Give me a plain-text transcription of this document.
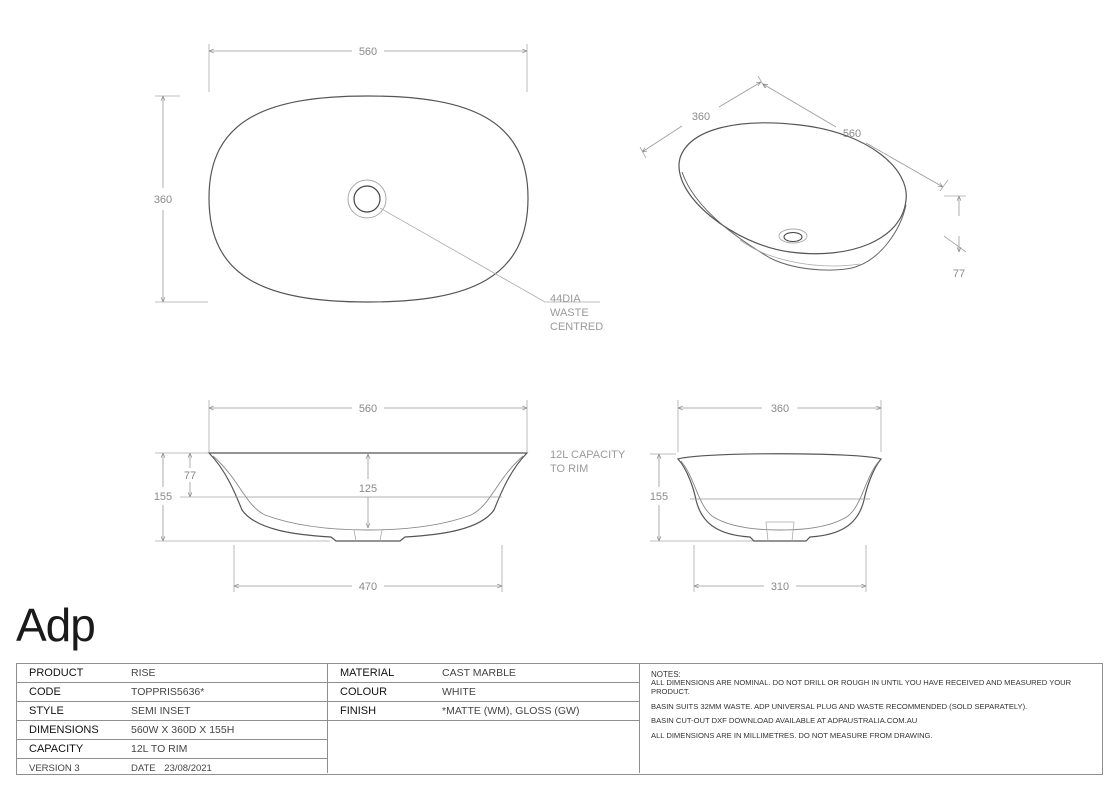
560
360
44DIA
WASTE
CENTRED
360
560
77
560
155
77
125
470
12L CAPACITY
TO RIM
360
155
310
Adp
PRODUCT	RISE
CODE	TOPPRIS5636*
STYLE	SEMI INSET
DIMENSIONS	560W X 360D X 155H
CAPACITY	12L TO RIM
VERSION 3	DATE 23/08/2021
MATERIAL	CAST MARBLE
COLOUR	WHITE
FINISH	*MATTE (WM), GLOSS (GW)

NOTES:

ALL DIMENSIONS ARE NOMINAL. DO NOT DRILL OR ROUGH IN UNTIL YOU HAVE RECEIVED AND MEASURED YOUR PRODUCT.

BASIN SUITS 32MM WASTE. ADP UNIVERSAL PLUG AND WASTE RECOMMENDED (SOLD SEPARATELY).

BASIN CUT-OUT DXF DOWNLOAD AVAILABLE AT ADPAUSTRALIA.COM.AU

ALL DIMENSIONS ARE IN MILLIMETRES. DO NOT MEASURE FROM DRAWING.
